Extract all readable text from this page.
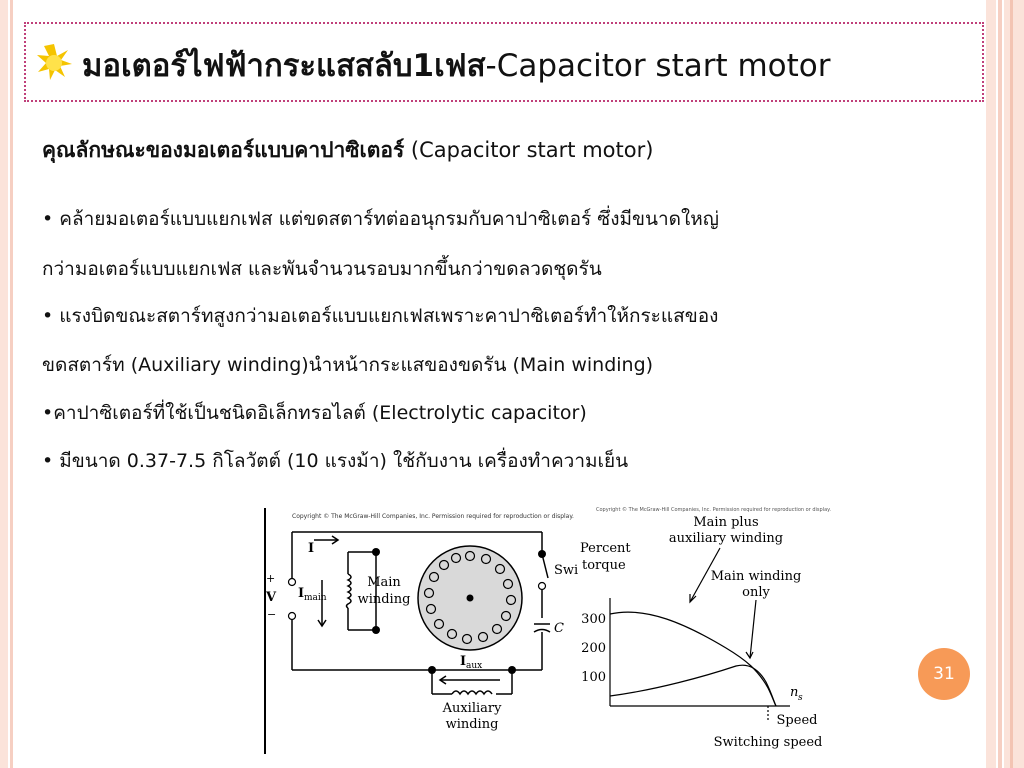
มอเตอร์ไฟฟ้ากระแสสลับ1เฟส-Capacitor start motor
คุณลักษณะของมอเตอร์แบบคาปาซิเตอร์ (Capacitor start motor)
• คล้ายมอเตอร์แบบแยกเฟส แต่ขดสตาร์ทต่ออนุกรมกับคาปาซิเตอร์ ซึ่งมีขนาดใหญ่
กว่ามอเตอร์แบบแยกเฟส และพันจำนวนรอบมากขึ้นกว่าขดลวดชุดรัน
• แรงบิดขณะสตาร์ทสูงกว่ามอเตอร์แบบแยกเฟสเพราะคาปาซิเตอร์ทำให้กระแสของ
ขดสตาร์ท (Auxiliary winding)นำหน้ากระแสของขดรัน (Main winding)
•คาปาซิเตอร์ที่ใช้เป็นชนิดอิเล็กทรอไลต์ (Electrolytic capacitor)
• มีขนาด 0.37-7.5 กิโลวัตต์ (10 แรงม้า) ใช้กับงาน เครื่องทำความเย็น
Copyright © The McGraw-Hill Companies, Inc. Permission required for reproduction or display.
I
+
V
−
I main
Main
winding
Swi
C
I aux
Auxiliary
winding
Copyright © The McGraw-Hill Companies, Inc. Permission required for reproduction or display.
Main plus
auxiliary winding
Percent
torque
Main winding
only
300
200
100
n s
Speed
Switching speed
31
